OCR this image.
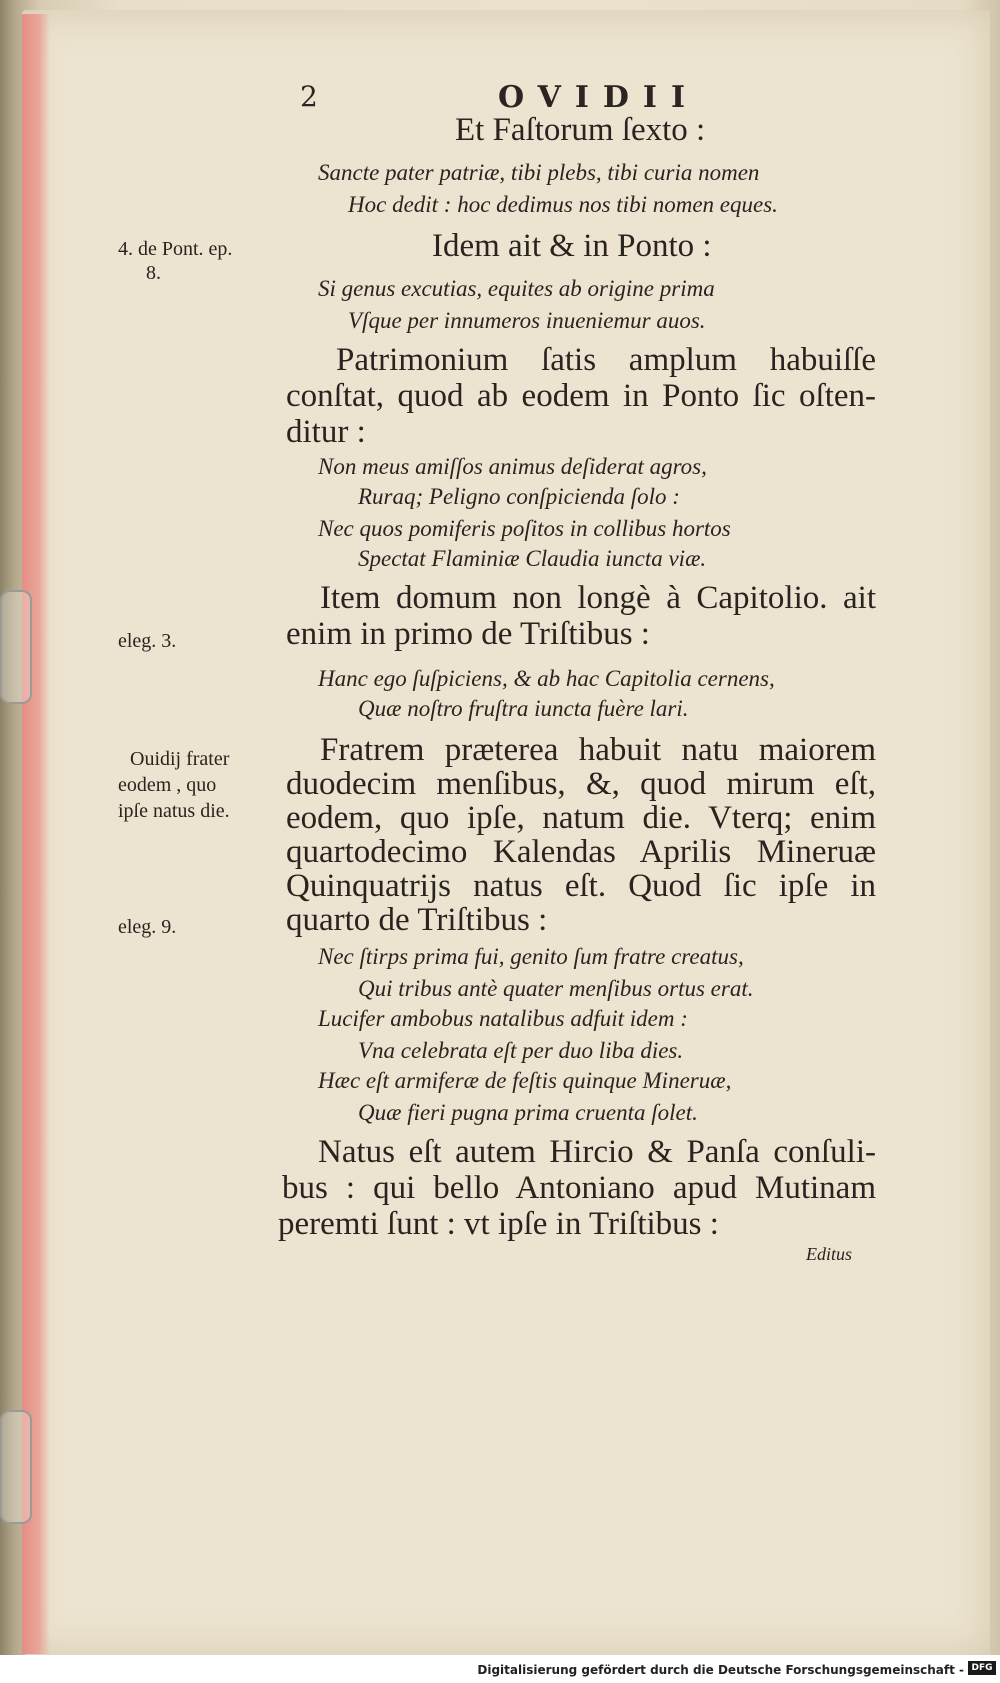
2	OVIDII
Et Faſtorum ſexto :
Sancte pater patriæ, tibi plebs, tibi curia nomen
Hoc dedit : hoc dedimus nos tibi nomen eques.
Idem ait & in Ponto :
Si genus excutias, equites ab origine prima
Vſque per innumeros inueniemur auos.
Patrimonium ſatis amplum habuiſſe
conſtat, quod ab eodem in Ponto ſic oſten-
ditur :
Non meus amiſſos animus deſiderat agros,
Ruraq; Peligno conſpicienda ſolo :
Nec quos pomiferis poſitos in collibus hortos
Spectat Flaminiæ Claudia iuncta viæ.
Item domum non longè à Capitolio. ait
enim in primo de Triſtibus :
Hanc ego ſuſpiciens, & ab hac Capitolia cernens,
Quæ noſtro fruſtra iuncta fuère lari.
Fratrem præterea habuit natu maiorem
duodecim menſibus, &, quod mirum eſt,
eodem, quo ipſe, natum die. Vterq; enim
quartodecimo Kalendas Aprilis Mineruæ
Quinquatrijs natus eſt. Quod ſic ipſe in
quarto de Triſtibus :
Nec ſtirps prima fui, genito ſum fratre creatus,
Qui tribus antè quater menſibus ortus erat.
Lucifer ambobus natalibus adfuit idem :
Vna celebrata eſt per duo liba dies.
Hæc eſt armiferæ de feſtis quinque Mineruæ,
Quæ fieri pugna prima cruenta ſolet.
Natus eſt autem Hircio & Panſa conſuli-
bus : qui bello Antoniano apud Mutinam
peremti ſunt : vt ipſe in Triſtibus :
Editus
4. de Pont. ep.
8.
eleg. 3.
Ouidij frater
eodem , quo
ipſe natus die.
eleg. 9.
Digitalisierung gefördert durch die Deutsche Forschungsgemeinschaft - DFG
